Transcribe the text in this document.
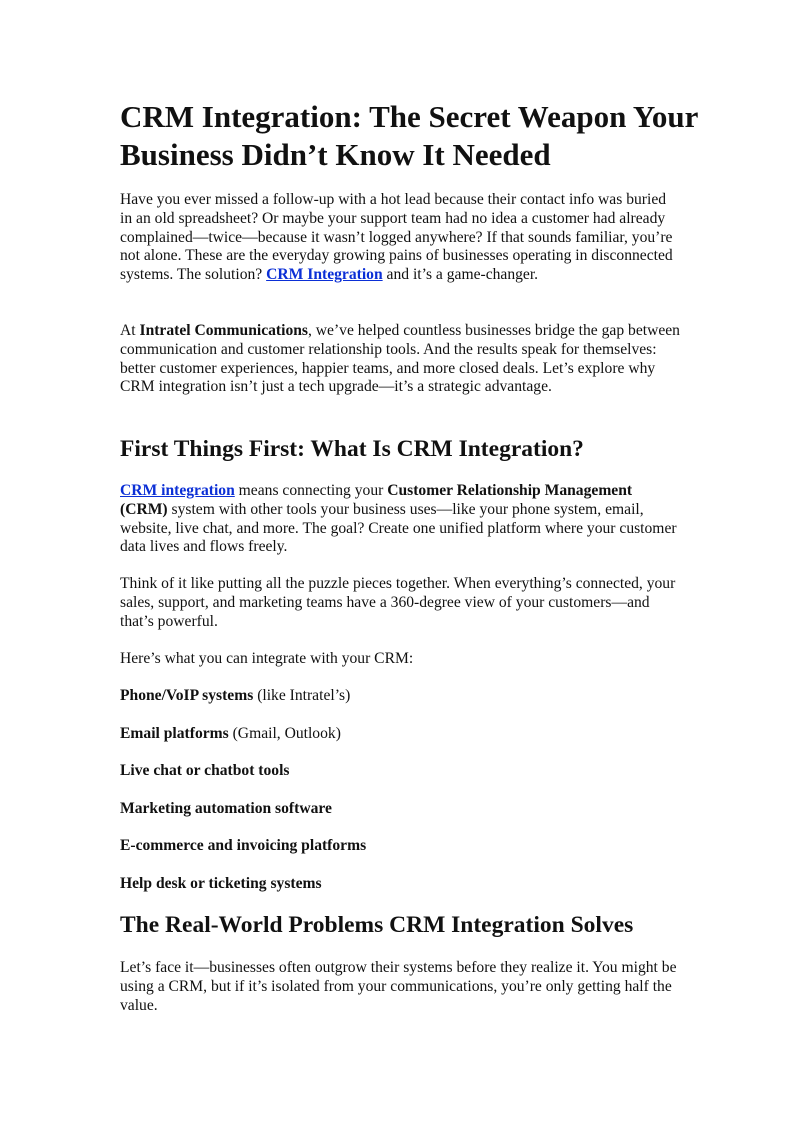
CRM Integration: The Secret Weapon Your Business Didn’t Know It Needed

Have you ever missed a follow-up with a hot lead because their contact info was buried in an old spreadsheet? Or maybe your support team had no idea a customer had already complained—twice—because it wasn’t logged anywhere? If that sounds familiar, you’re not alone. These are the everyday growing pains of businesses operating in disconnected systems. The solution? CRM Integration and it’s a game-changer.

At Intratel Communications, we’ve helped countless businesses bridge the gap between communication and customer relationship tools. And the results speak for themselves: better customer experiences, happier teams, and more closed deals. Let’s explore why CRM integration isn’t just a tech upgrade—it’s a strategic advantage.

First Things First: What Is CRM Integration?

CRM integration means connecting your Customer Relationship Management (CRM) system with other tools your business uses—like your phone system, email, website, live chat, and more. The goal? Create one unified platform where your customer data lives and flows freely.

Think of it like putting all the puzzle pieces together. When everything’s connected, your sales, support, and marketing teams have a 360-degree view of your customers—and that’s powerful.

Here’s what you can integrate with your CRM:

Phone/VoIP systems (like Intratel’s)

Email platforms (Gmail, Outlook)

Live chat or chatbot tools

Marketing automation software

E-commerce and invoicing platforms

Help desk or ticketing systems

The Real-World Problems CRM Integration Solves

Let’s face it—businesses often outgrow their systems before they realize it. You might be using a CRM, but if it’s isolated from your communications, you’re only getting half the value.
